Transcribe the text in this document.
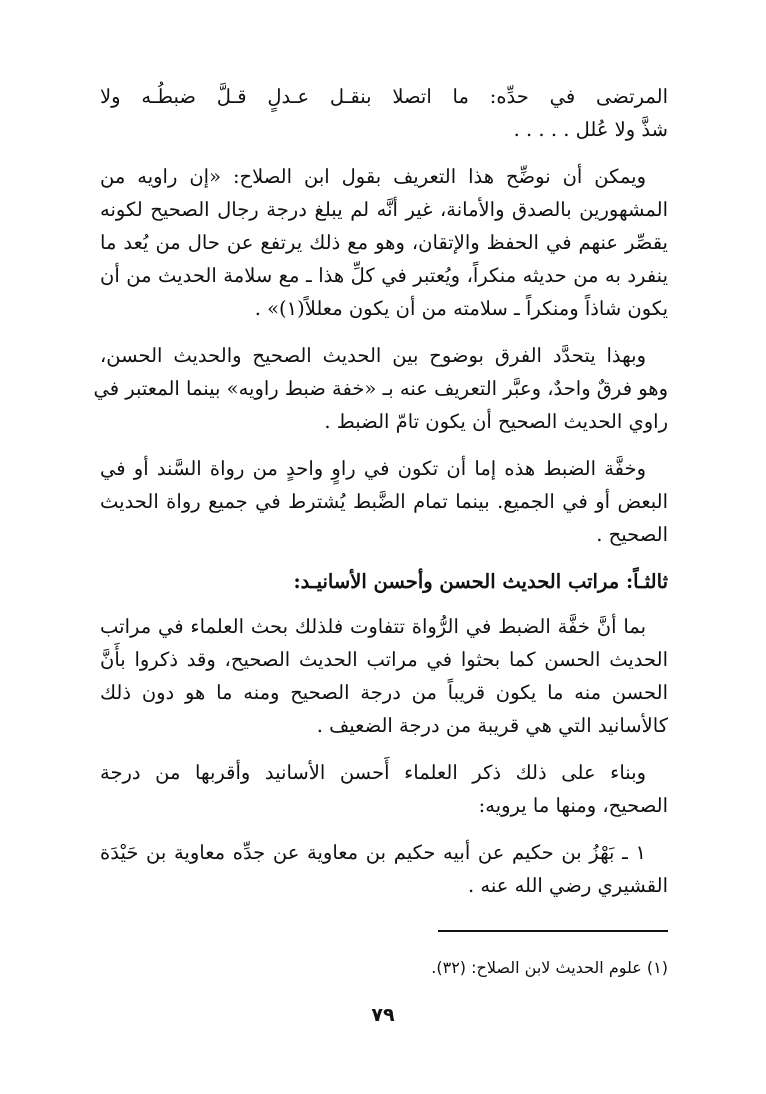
المرتضى في حدِّه: ما اتصلا بنقـل عـدلٍ قـلَّ ضبطُـه ولا
شذَّ ولا عُلل . . . . .
ويمكن أن نوضِّح هذا التعريف بقول ابن الصلاح: «إن راويه من
المشهورين بالصدق والأمانة، غير أنَّه لم يبلغ درجة رجال الصحيح لكونه
يقصِّر عنهم في الحفظ والإتقان، وهو مع ذلك يرتفع عن حال من يُعد ما
ينفرد به من حديثه منكراً، ويُعتبر في كلِّ هذا ـ مع سلامة الحديث من أن
يكون شاذاً ومنكراً ـ سلامته من أن يكون معللاً(١)» .
وبهذا يتحدَّد الفرق بوضوح بين الحديث الصحيح والحديث الحسن،
وهو فرقٌ واحدٌ، وعبَّر التعريف عنه بـ «خفة ضبط راويه» بينما المعتبر في
راوي الحديث الصحيح أن يكون تامّ الضبط .
وخفَّة الضبط هذه إما أن تكون في راوٍ واحدٍ من رواة السَّند أو في
البعض أو في الجميع. بينما تمام الضَّبط يُشترط في جميع رواة الحديث
الصحيح .
ثالثـاً: مراتب الحديث الحسن وأحسن الأسانيـد:
بما أنَّ خفَّة الضبط في الرُّواة تتفاوت فلذلك بحث العلماء في مراتب
الحديث الحسن كما بحثوا في مراتب الحديث الصحيح، وقد ذكروا بأَنَّ
الحسن منه ما يكون قريباً من درجة الصحيح ومنه ما هو دون ذلك
كالأسانيد التي هي قريبة من درجة الضعيف .
وبناء على ذلك ذكر العلماء أَحسن الأسانيد وأقربها من درجة
الصحيح، ومنها ما يرويه:
١ ـ بَهْزُ بن حكيم عن أبيه حكيم بن معاوية عن جدِّه معاوية بن حَيْدَة
القشيري رضي الله عنه .
(١) علوم الحديث لابن الصلاح: (٣٢).
٧٩
